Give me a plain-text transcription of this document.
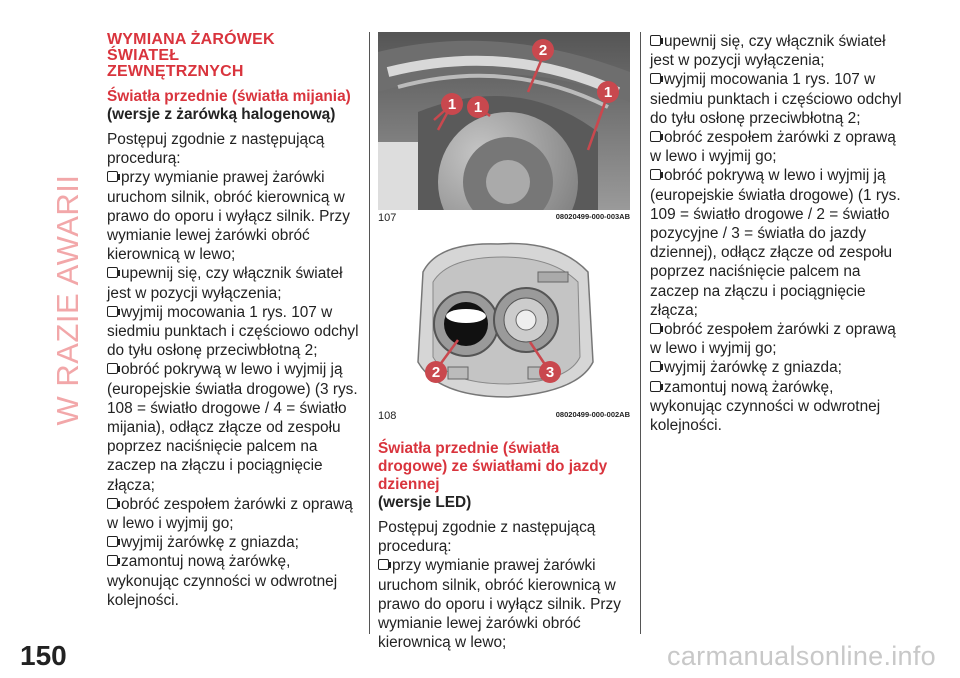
W RAZIE AWARII
WYMIANA ŻARÓWEK ŚWIATEŁ ZEWNĘTRZNYCH
Światła przednie (światła mijania)
(wersje z żarówką halogenową)

Postępuj zgodnie z następującą procedurą:

przy wymianie prawej żarówki uruchom silnik, obróć kierownicą w prawo do oporu i wyłącz silnik. Przy wymianie lewej żarówki obróć kierownicą w lewo;
upewnij się, czy włącznik świateł jest w pozycji wyłączenia;
wyjmij mocowania 1 rys. 107 w siedmiu punktach i częściowo odchyl do tyłu osłonę przeciwbłotną 2;
obróć pokrywą w lewo i wyjmij ją (europejskie światła drogowe) (3 rys. 108 = światło drogowe / 4 = światło mijania), odłącz złącze od zespołu poprzez naciśnięcie palcem na zaczep na złączu i pociągnięcie złącza;
obróć zespołem żarówki z oprawą w lewo i wyjmij go;
wyjmij żarówkę z gniazda;
zamontuj nową żarówkę, wykonując czynności w odwrotnej kolejności.
1 1
2
1
107	08020499-000-003AB
2	3
108	08020499-000-002AB
Światła przednie (światła drogowe) ze światłami do jazdy dziennej
(wersje LED)

Postępuj zgodnie z następującą procedurą:

przy wymianie prawej żarówki uruchom silnik, obróć kierownicą w prawo do oporu i wyłącz silnik. Przy wymianie lewej żarówki obróć kierownicą w lewo;
upewnij się, czy włącznik świateł jest w pozycji wyłączenia;
wyjmij mocowania 1 rys. 107 w siedmiu punktach i częściowo odchyl do tyłu osłonę przeciwbłotną 2;
obróć zespołem żarówki z oprawą w lewo i wyjmij go;
obróć pokrywą w lewo i wyjmij ją (europejskie światła drogowe) (1 rys. 109 = światło drogowe / 2 = światło pozycyjne / 3 = światła do jazdy dziennej), odłącz złącze od zespołu poprzez naciśnięcie palcem na zaczep na złączu i pociągnięcie złącza;
obróć zespołem żarówki z oprawą w lewo i wyjmij go;
wyjmij żarówkę z gniazda;
zamontuj nową żarówkę, wykonując czynności w odwrotnej kolejności.
150	carmanualsonline.info
